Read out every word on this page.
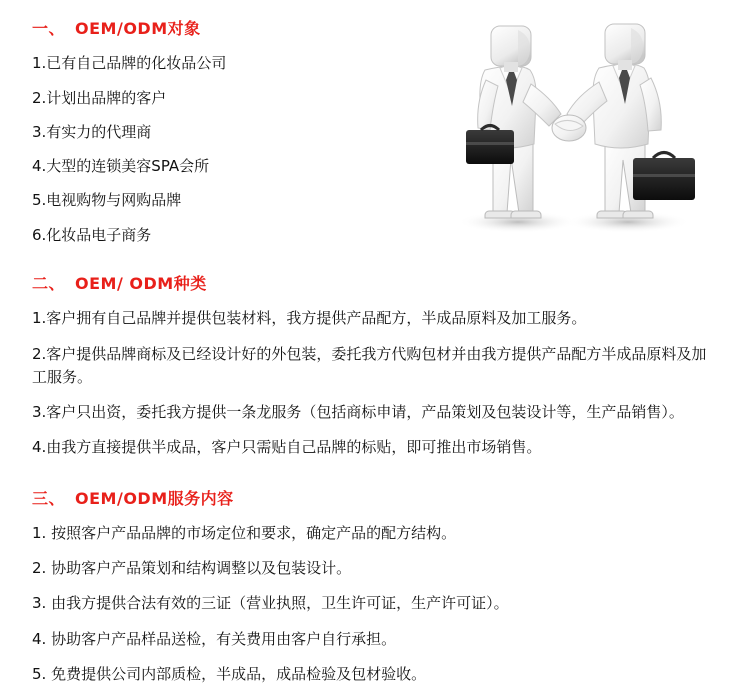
一、 OEM/ODM对象

1.已有自己品牌的化妆品公司

2.计划出品牌的客户

3.有实力的代理商

4.大型的连锁美容SPA会所

5.电视购物与网购品牌

6.化妆品电子商务

二、 OEM/ ODM种类

1.客户拥有自己品牌并提供包装材料，我方提供产品配方，半成品原料及加工服务。

2.客户提供品牌商标及已经设计好的外包装，委托我方代购包材并由我方提供产品配方半成品原料及加工服务。

3.客户只出资，委托我方提供一条龙服务（包括商标申请，产品策划及包装设计等，生产品销售）。

4.由我方直接提供半成品，客户只需贴自己品牌的标贴，即可推出市场销售。

三、 OEM/ODM服务内容

1. 按照客户产品品牌的市场定位和要求，确定产品的配方结构。

2. 协助客户产品策划和结构调整以及包装设计。

3. 由我方提供合法有效的三证（营业执照，卫生许可证，生产许可证）。

4. 协助客户产品样品送检，有关费用由客户自行承担。

5. 免费提供公司内部质检，半成品，成品检验及包材验收。
